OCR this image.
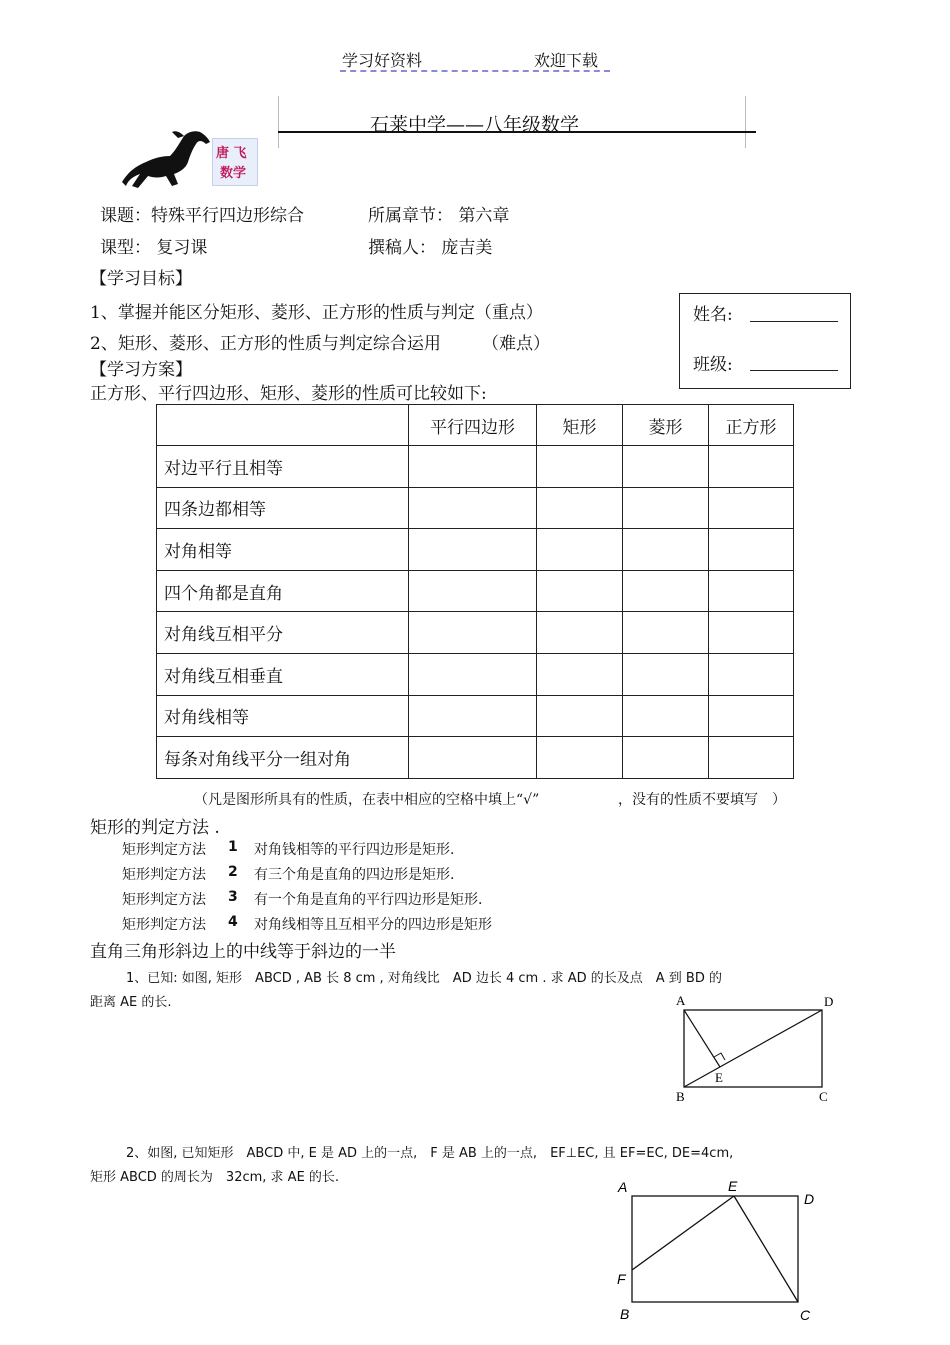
学习好资料	欢迎下载
石莱中学——八年级数学
唐 飞
数学
课题：特殊平行四边形综合	所属章节： 第六章
课型： 复习课	撰稿人： 庞吉美
【学习目标】
1、掌握并能区分矩形、菱形、正方形的性质与判定（重点）
2、矩形、菱形、正方形的性质与判定综合运用 （难点）
姓名:
班级:
【学习方案】
正方形、平行四边形、矩形、菱形的性质可比较如下:
	平行四边形	矩形	菱形	正方形
对边平行且相等				
四条边都相等				
对角相等				
四个角都是直角				
对角线互相平分				
对角线互相垂直				
对角线相等				
每条对角线平分一组对角				
（凡是图形所具有的性质，在表中相应的空格中填上“√”	，没有的性质不要填写　）
矩形的判定方法 .
矩形判定方法 1 对角钱相等的平行四边形是矩形.
矩形判定方法 2 有三个角是直角的四边形是矩形.
矩形判定方法 3 有一个角是直角的平行四边形是矩形.
矩形判定方法 4 对角线相等且互相平分的四边形是矩形
直角三角形斜边上的中线等于斜边的一半
1、已知: 如图, 矩形　ABCD , AB 长 8 cm , 对角线比　AD 边长 4 cm . 求 AD 的长及点　A 到 BD 的
距离 AE 的长.	A	D
B	C
E
2、如图, 已知矩形　ABCD 中, E 是 AD 上的一点,　F 是 AB 上的一点,　EF⊥EC, 且 EF=EC, DE=4cm,
矩形 ABCD 的周长为　32cm, 求 AE 的长.
A	E
D
F
B	C
